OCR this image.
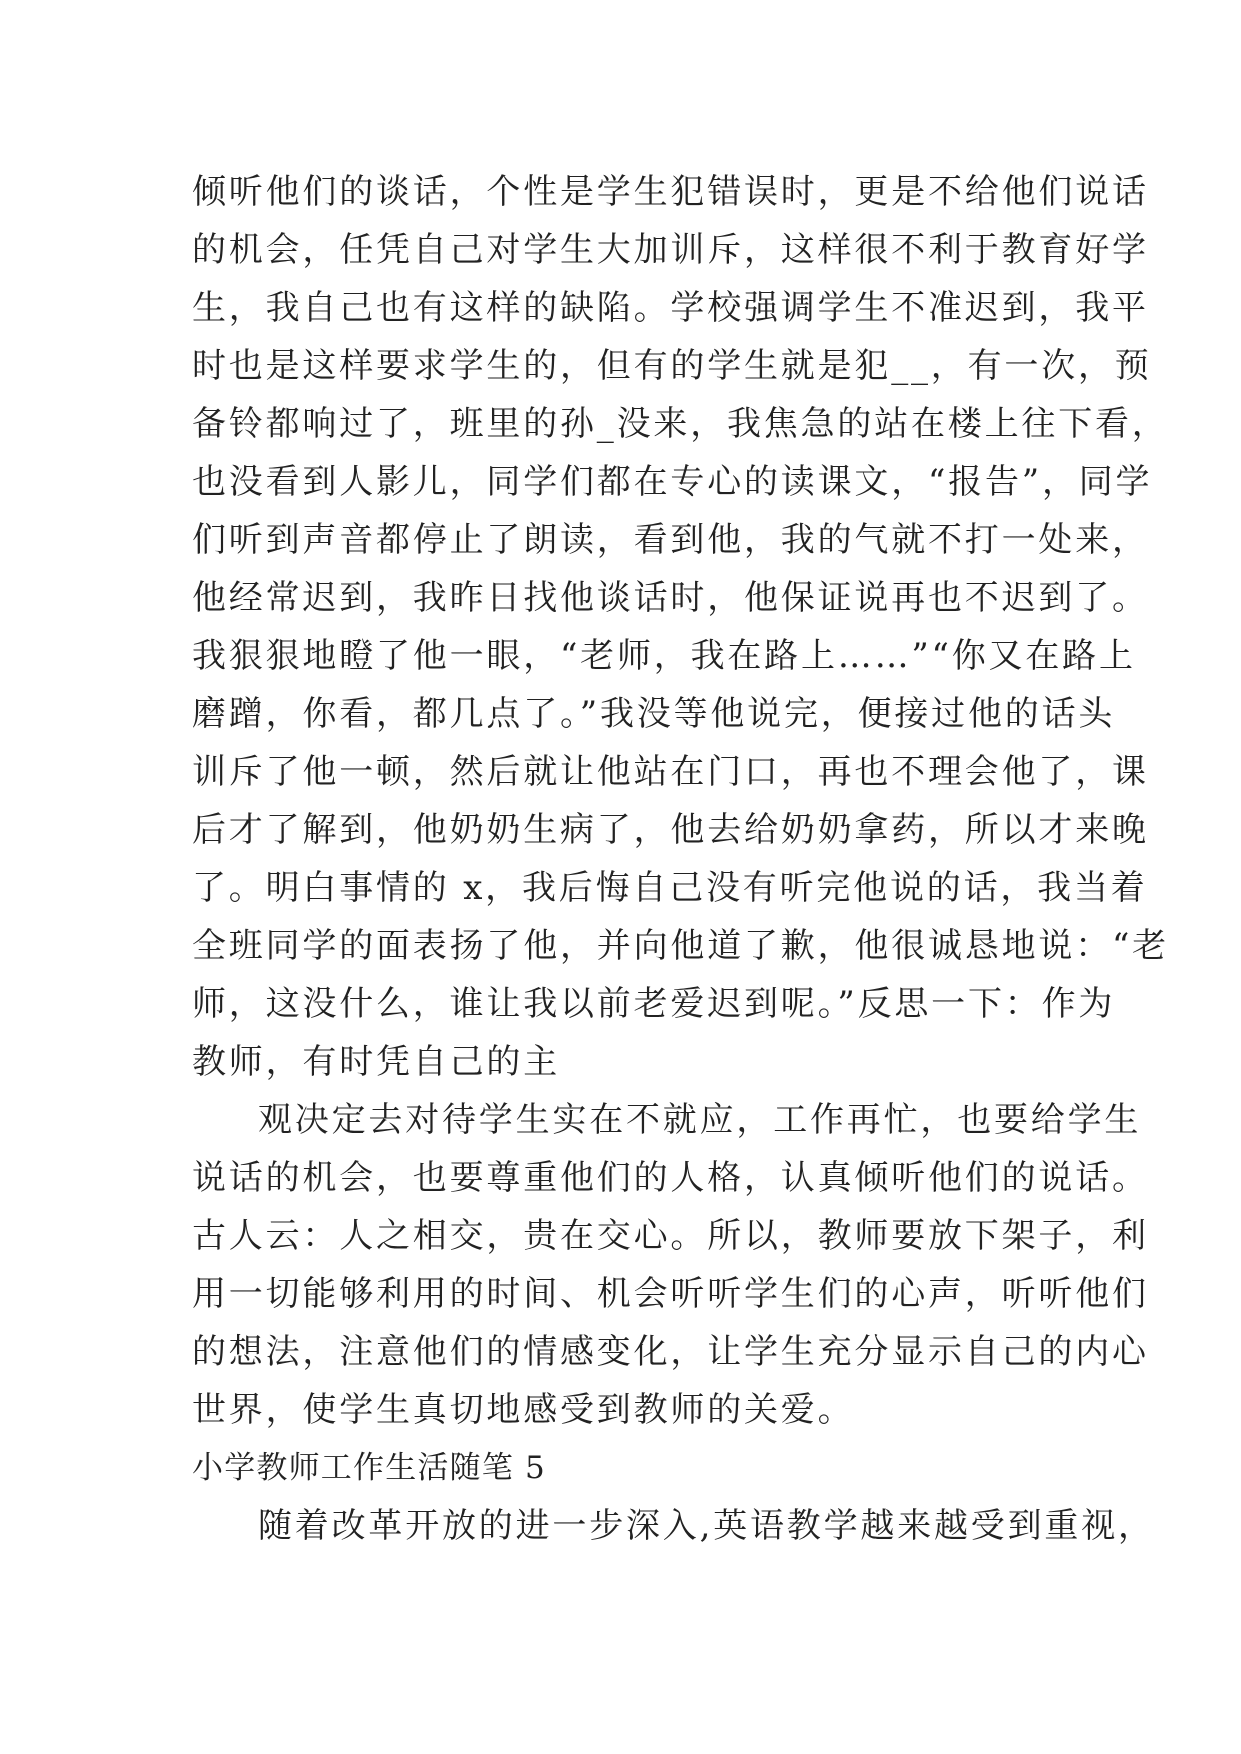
倾听他们的谈话，个性是学生犯错误时，更是不给他们说话
的机会，任凭自己对学生大加训斥，这样很不利于教育好学
生，我自己也有这样的缺陷。学校强调学生不准迟到，我平
时也是这样要求学生的，但有的学生就是犯__，有一次，预
备铃都响过了，班里的孙_没来，我焦急的站在楼上往下看，
也没看到人影儿，同学们都在专心的读课文，“报告”，同学
们听到声音都停止了朗读，看到他，我的气就不打一处来，
他经常迟到，我昨日找他谈话时，他保证说再也不迟到了。
我狠狠地瞪了他一眼，“老师，我在路上……”“你又在路上
磨蹭，你看，都几点了。”我没等他说完，便接过他的话头
训斥了他一顿，然后就让他站在门口，再也不理会他了，课
后才了解到，他奶奶生病了，他去给奶奶拿药，所以才来晚
了。明白事情的 x，我后悔自己没有听完他说的话，我当着
全班同学的面表扬了他，并向他道了歉，他很诚恳地说：“老
师，这没什么，谁让我以前老爱迟到呢。”反思一下：作为
教师，有时凭自己的主
观决定去对待学生实在不就应，工作再忙，也要给学生
说话的机会，也要尊重他们的人格，认真倾听他们的说话。
古人云：人之相交，贵在交心。所以，教师要放下架子，利
用一切能够利用的时间、机会听听学生们的心声，听听他们
的想法，注意他们的情感变化，让学生充分显示自己的内心
世界，使学生真切地感受到教师的关爱。
小学教师工作生活随笔 5
随着改革开放的进一步深入,英语教学越来越受到重视，
